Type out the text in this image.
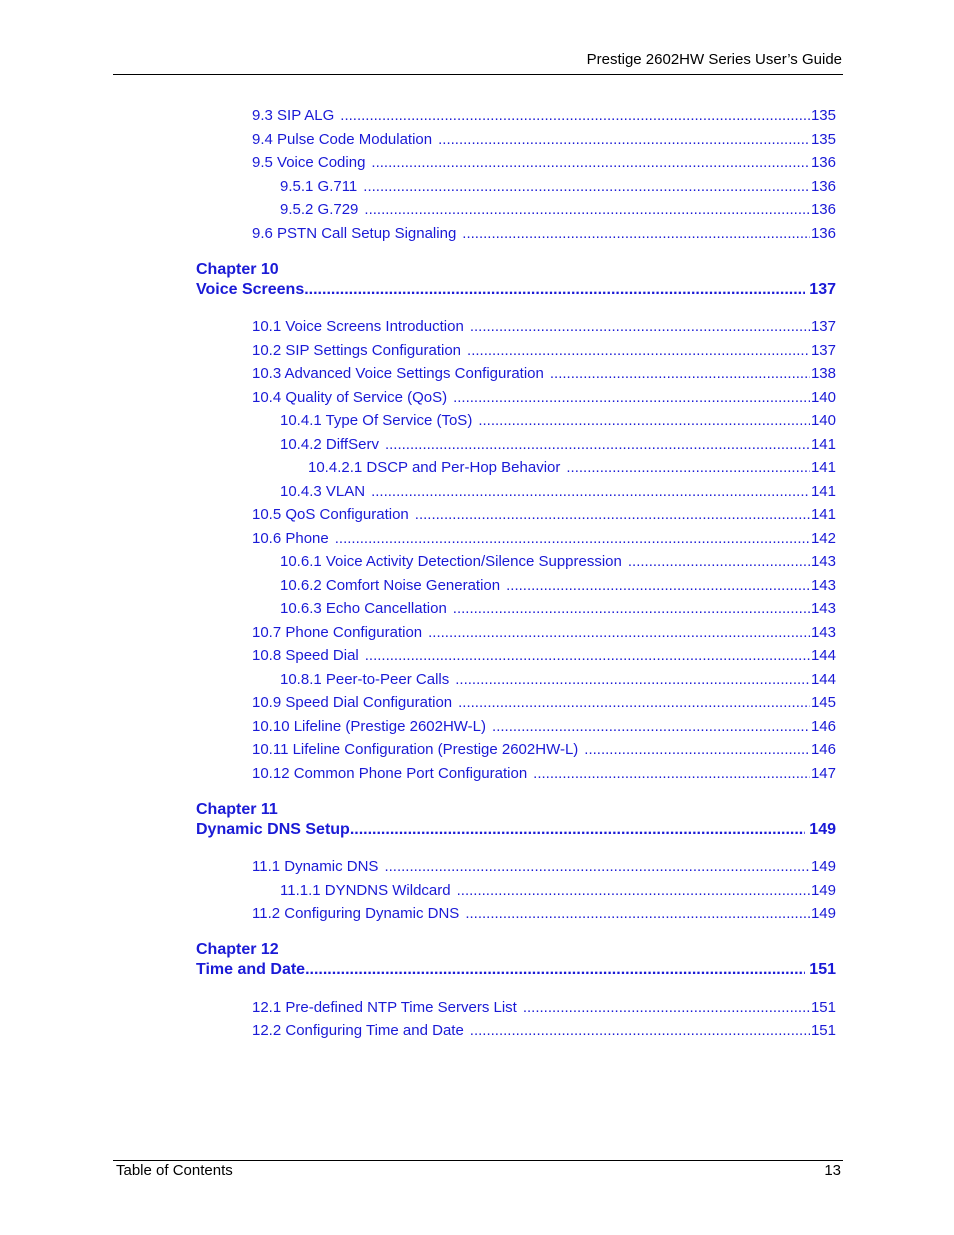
Prestige 2602HW Series User’s Guide
9.3 SIP ALG .....	135
9.4 Pulse Code Modulation .....	135
9.5 Voice Coding .....	136
9.5.1 G.711 .....	136
9.5.2 G.729 .....	136
9.6 PSTN Call Setup Signaling .....	136
Chapter 10
Voice Screens .....	137
10.1 Voice Screens Introduction .....	137
10.2 SIP Settings Configuration .....	137
10.3 Advanced Voice Settings Configuration .....	138
10.4 Quality of Service (QoS) .....	140
10.4.1 Type Of Service (ToS) .....	140
10.4.2 DiffServ .....	141
10.4.2.1 DSCP and Per-Hop Behavior .....	141
10.4.3 VLAN .....	141
10.5 QoS Configuration .....	141
10.6 Phone .....	142
10.6.1 Voice Activity Detection/Silence Suppression .....	143
10.6.2 Comfort Noise Generation .....	143
10.6.3 Echo Cancellation .....	143
10.7 Phone Configuration .....	143
10.8 Speed Dial .....	144
10.8.1 Peer-to-Peer Calls .....	144
10.9 Speed Dial Configuration .....	145
10.10 Lifeline (Prestige 2602HW-L) .....	146
10.11 Lifeline Configuration (Prestige 2602HW-L) .....	146
10.12 Common Phone Port Configuration .....	147
Chapter 11
Dynamic DNS Setup .....	149
11.1 Dynamic DNS .....	149
11.1.1 DYNDNS Wildcard .....	149
11.2 Configuring Dynamic DNS .....	149
Chapter 12
Time and Date .....	151
12.1 Pre-defined NTP Time Servers List .....	151
12.2 Configuring Time and Date .....	151
Table of Contents	13
